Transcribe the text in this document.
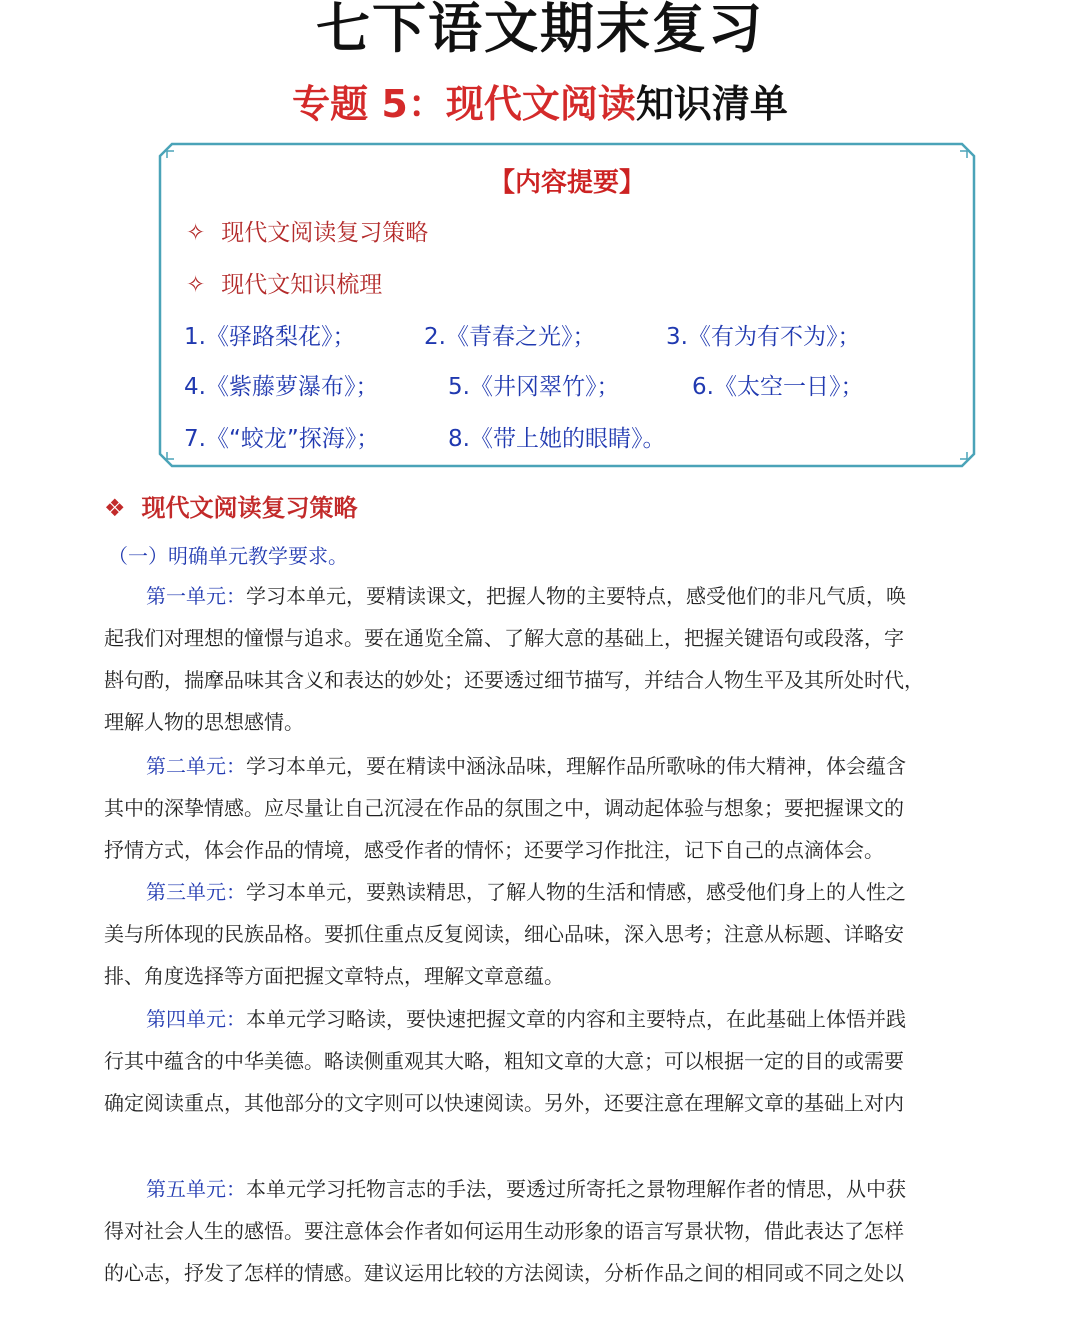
七下语文期末复习
专题 5：现代文阅读知识清单
【内容提要】
✧ 现代文阅读复习策略
✧ 现代文知识梳理
1.《驿路梨花》；	2.《青春之光》；	3.《有为有不为》；
4.《紫藤萝瀑布》；	5.《井冈翠竹》；	6.《太空一日》；
7.《“蛟龙”探海》；	8.《带上她的眼睛》。
❖ 现代文阅读复习策略
（一）明确单元教学要求。
第一单元：学习本单元，要精读课文，把握人物的主要特点，感受他们的非凡气质，唤
起我们对理想的憧憬与追求。要在通览全篇、了解大意的基础上，把握关键语句或段落，字
斟句酌，揣摩品味其含义和表达的妙处；还要透过细节描写，并结合人物生平及其所处时代，
理解人物的思想感情。
第二单元：学习本单元，要在精读中涵泳品味，理解作品所歌咏的伟大精神，体会蕴含
其中的深挚情感。应尽量让自己沉浸在作品的氛围之中，调动起体验与想象；要把握课文的
抒情方式，体会作品的情境，感受作者的情怀；还要学习作批注，记下自己的点滴体会。
第三单元：学习本单元，要熟读精思，了解人物的生活和情感，感受他们身上的人性之
美与所体现的民族品格。要抓住重点反复阅读，细心品味，深入思考；注意从标题、详略安
排、角度选择等方面把握文章特点，理解文章意蕴。
第四单元：本单元学习略读，要快速把握文章的内容和主要特点，在此基础上体悟并践
行其中蕴含的中华美德。略读侧重观其大略，粗知文章的大意；可以根据一定的目的或需要
确定阅读重点，其他部分的文字则可以快速阅读。另外，还要注意在理解文章的基础上对内
第五单元：本单元学习托物言志的手法，要透过所寄托之景物理解作者的情思，从中获
得对社会人生的感悟。要注意体会作者如何运用生动形象的语言写景状物，借此表达了怎样
的心志，抒发了怎样的情感。建议运用比较的方法阅读，分析作品之间的相同或不同之处以
